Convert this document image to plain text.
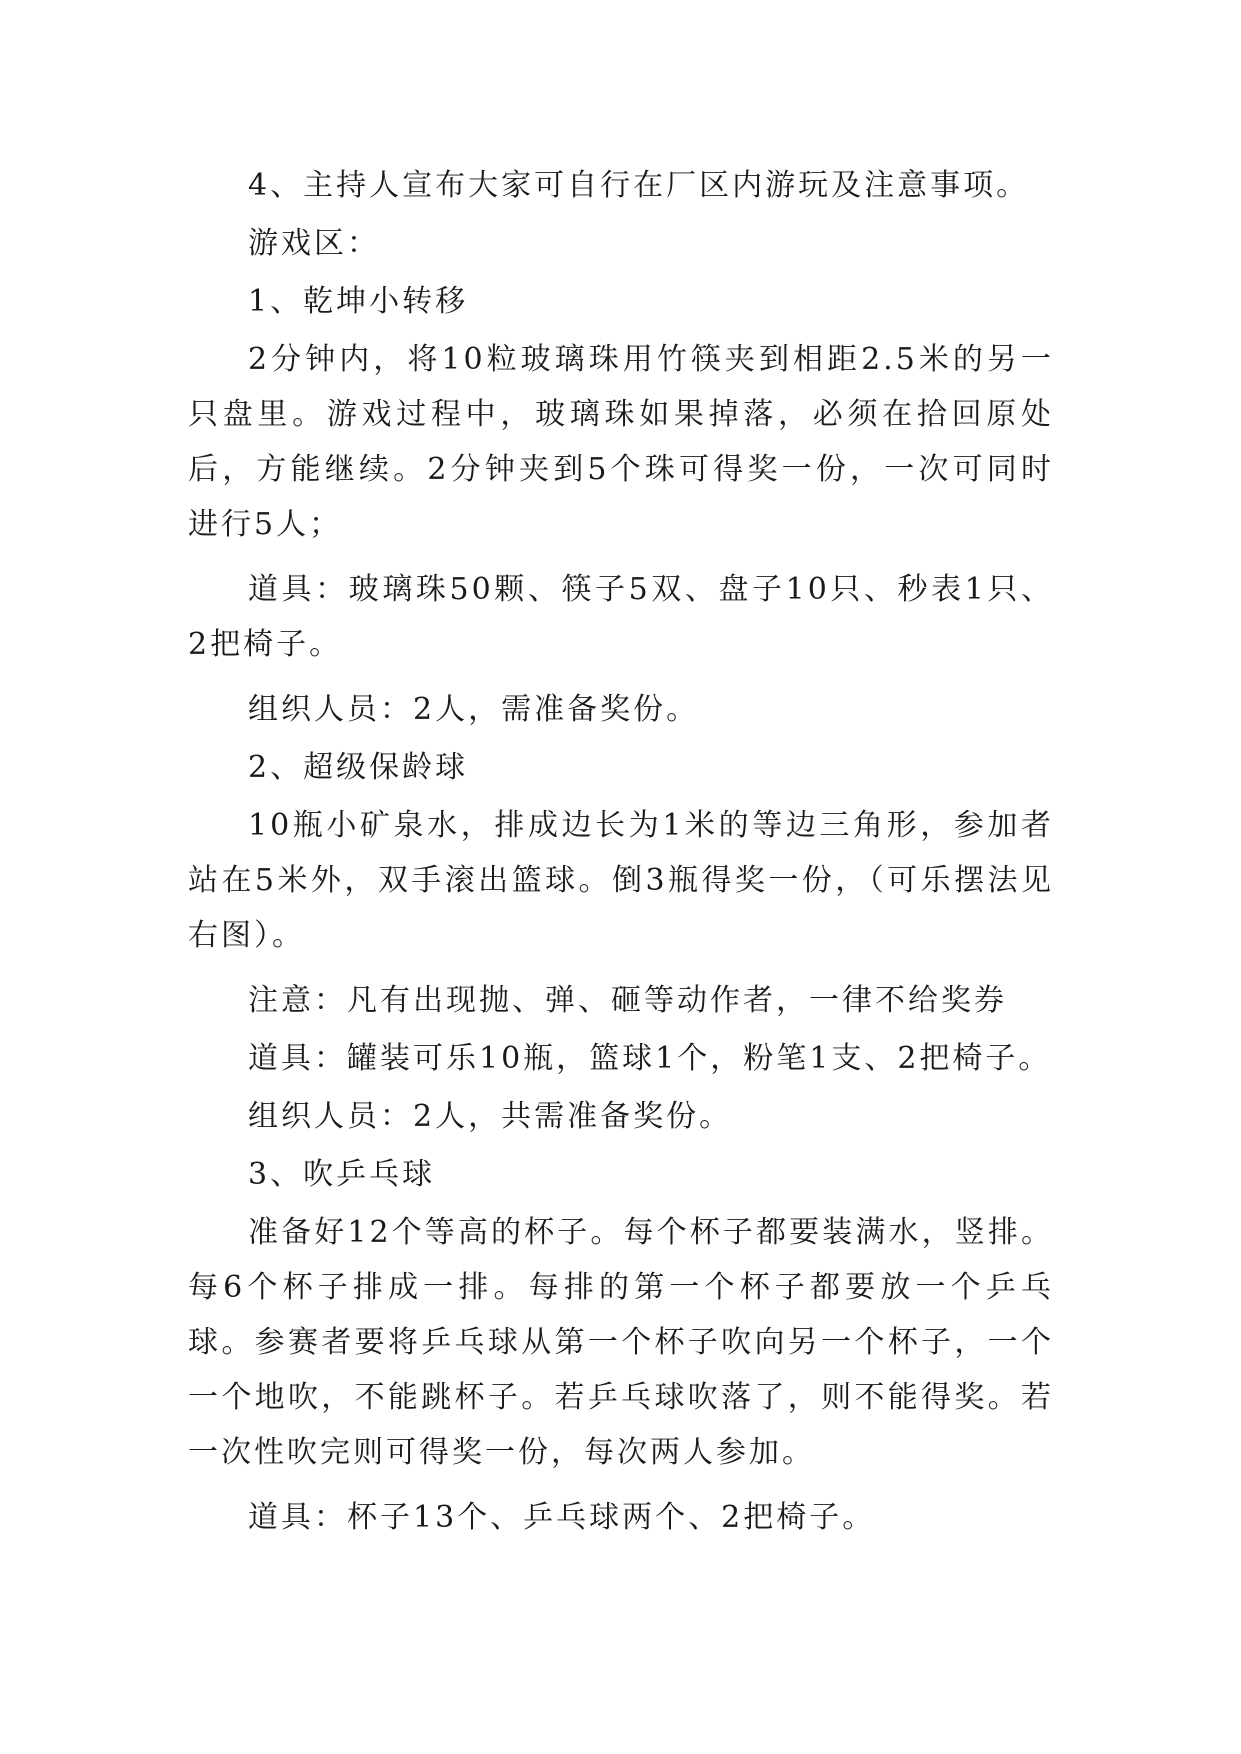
4、主持人宣布大家可自行在厂区内游玩及注意事项。

游戏区：

1、乾坤小转移

2分钟内，将10粒玻璃珠用竹筷夹到相距2.5米的另一只盘里。游戏过程中，玻璃珠如果掉落，必须在拾回原处后，方能继续。2分钟夹到5个珠可得奖一份，一次可同时进行5人；

道具：玻璃珠50颗、筷子5双、盘子10只、秒表1只、2把椅子。

组织人员：2人，需准备奖份。

2、超级保龄球

10瓶小矿泉水，排成边长为1米的等边三角形，参加者站在5米外，双手滚出篮球。倒3瓶得奖一份，（可乐摆法见右图）。

注意：凡有出现抛、弹、砸等动作者，一律不给奖券

道具：罐装可乐10瓶，篮球1个，粉笔1支、2把椅子。

组织人员：2人，共需准备奖份。

3、吹乒乓球

准备好12个等高的杯子。每个杯子都要装满水，竖排。每6个杯子排成一排。每排的第一个杯子都要放一个乒乓球。参赛者要将乒乓球从第一个杯子吹向另一个杯子，一个一个地吹，不能跳杯子。若乒乓球吹落了，则不能得奖。若一次性吹完则可得奖一份，每次两人参加。

道具：杯子13个、乒乓球两个、2把椅子。
